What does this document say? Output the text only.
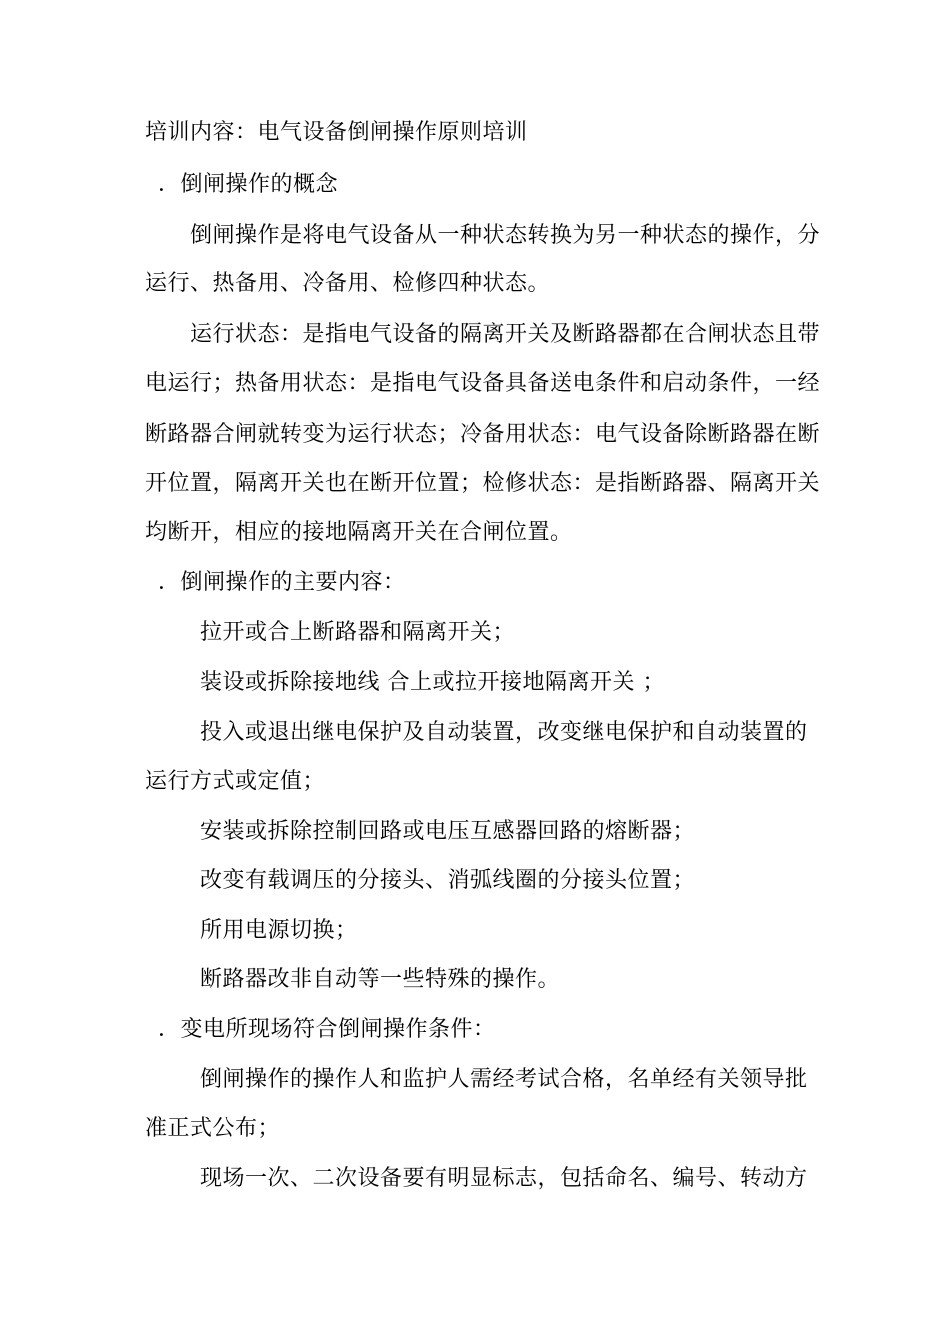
培训内容：电气设备倒闸操作原则培训
．倒闸操作的概念
倒闸操作是将电气设备从一种状态转换为另一种状态的操作，分
运行、热备用、冷备用、检修四种状态。
运行状态：是指电气设备的隔离开关及断路器都在合闸状态且带
电运行；热备用状态：是指电气设备具备送电条件和启动条件，一经
断路器合闸就转变为运行状态；冷备用状态：电气设备除断路器在断
开位置，隔离开关也在断开位置；检修状态：是指断路器、隔离开关
均断开，相应的接地隔离开关在合闸位置。
．倒闸操作的主要内容：
拉开或合上断路器和隔离开关；
装设或拆除接地线 合上或拉开接地隔离开关 ；
投入或退出继电保护及自动装置，改变继电保护和自动装置的
运行方式或定值；
安装或拆除控制回路或电压互感器回路的熔断器；
改变有载调压的分接头、消弧线圈的分接头位置；
所用电源切换；
断路器改非自动等一些特殊的操作。
．变电所现场符合倒闸操作条件：
倒闸操作的操作人和监护人需经考试合格，名单经有关领导批
准正式公布；
现场一次、二次设备要有明显标志，包括命名、编号、转动方
